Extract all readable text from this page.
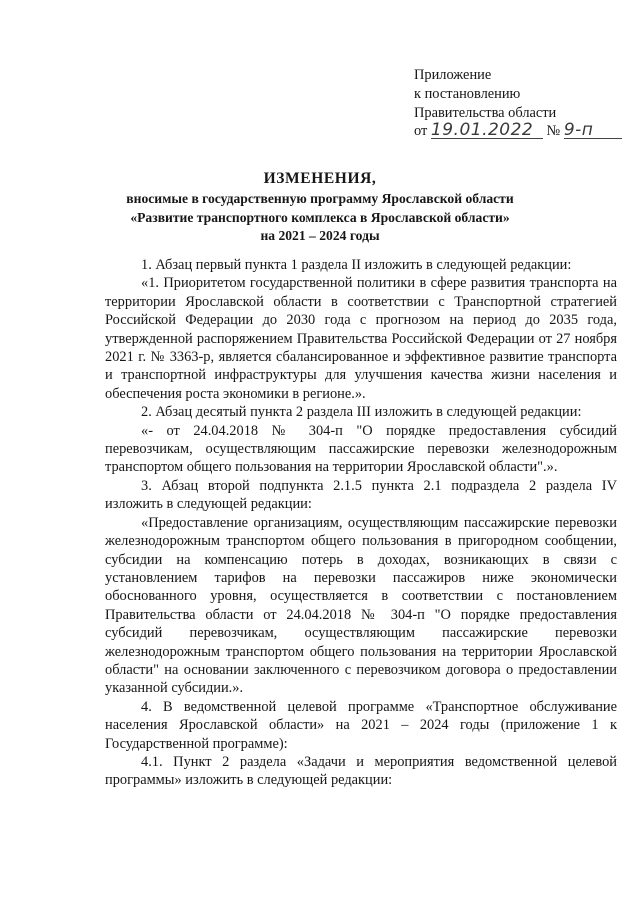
Приложение
к постановлению
Правительства области
от 19.01.2022 № 9-п
ИЗМЕНЕНИЯ,
вносимые в государственную программу Ярославской области
«Развитие транспортного комплекса в Ярославской области»
на 2021 – 2024 годы

1. Абзац первый пункта 1 раздела II изложить в следующей редакции:

«1. Приоритетом государственной политики в сфере развития транспорта на территории Ярославской области в соответствии с Транспортной стратегией Российской Федерации до 2030 года с прогнозом на период до 2035 года, утвержденной распоряжением Правительства Российской Федерации от 27 ноября 2021 г. № 3363-р, является сбалансированное и эффективное развитие транспорта и транспортной инфраструктуры для улучшения качества жизни населения и обеспечения роста экономики в регионе.».

2. Абзац десятый пункта 2 раздела III изложить в следующей редакции:

«- от 24.04.2018 № 304-п "О порядке предоставления субсидий перевозчикам, осуществляющим пассажирские перевозки железнодорожным транспортом общего пользования на территории Ярославской области".».

3. Абзац второй подпункта 2.1.5 пункта 2.1 подраздела 2 раздела IV изложить в следующей редакции:

«Предоставление организациям, осуществляющим пассажирские перевозки железнодорожным транспортом общего пользования в пригородном сообщении, субсидии на компенсацию потерь в доходах, возникающих в связи с установлением тарифов на перевозки пассажиров ниже экономически обоснованного уровня, осуществляется в соответствии с постановлением Правительства области от 24.04.2018 № 304-п "О порядке предоставления субсидий перевозчикам, осуществляющим пассажирские перевозки железнодорожным транспортом общего пользования на территории Ярославской области" на основании заключенного с перевозчиком договора о предоставлении указанной субсидии.».

4. В ведомственной целевой программе «Транспортное обслуживание населения Ярославской области» на 2021 – 2024 годы (приложение 1 к Государственной программе):

4.1. Пункт 2 раздела «Задачи и мероприятия ведомственной целевой программы» изложить в следующей редакции:
